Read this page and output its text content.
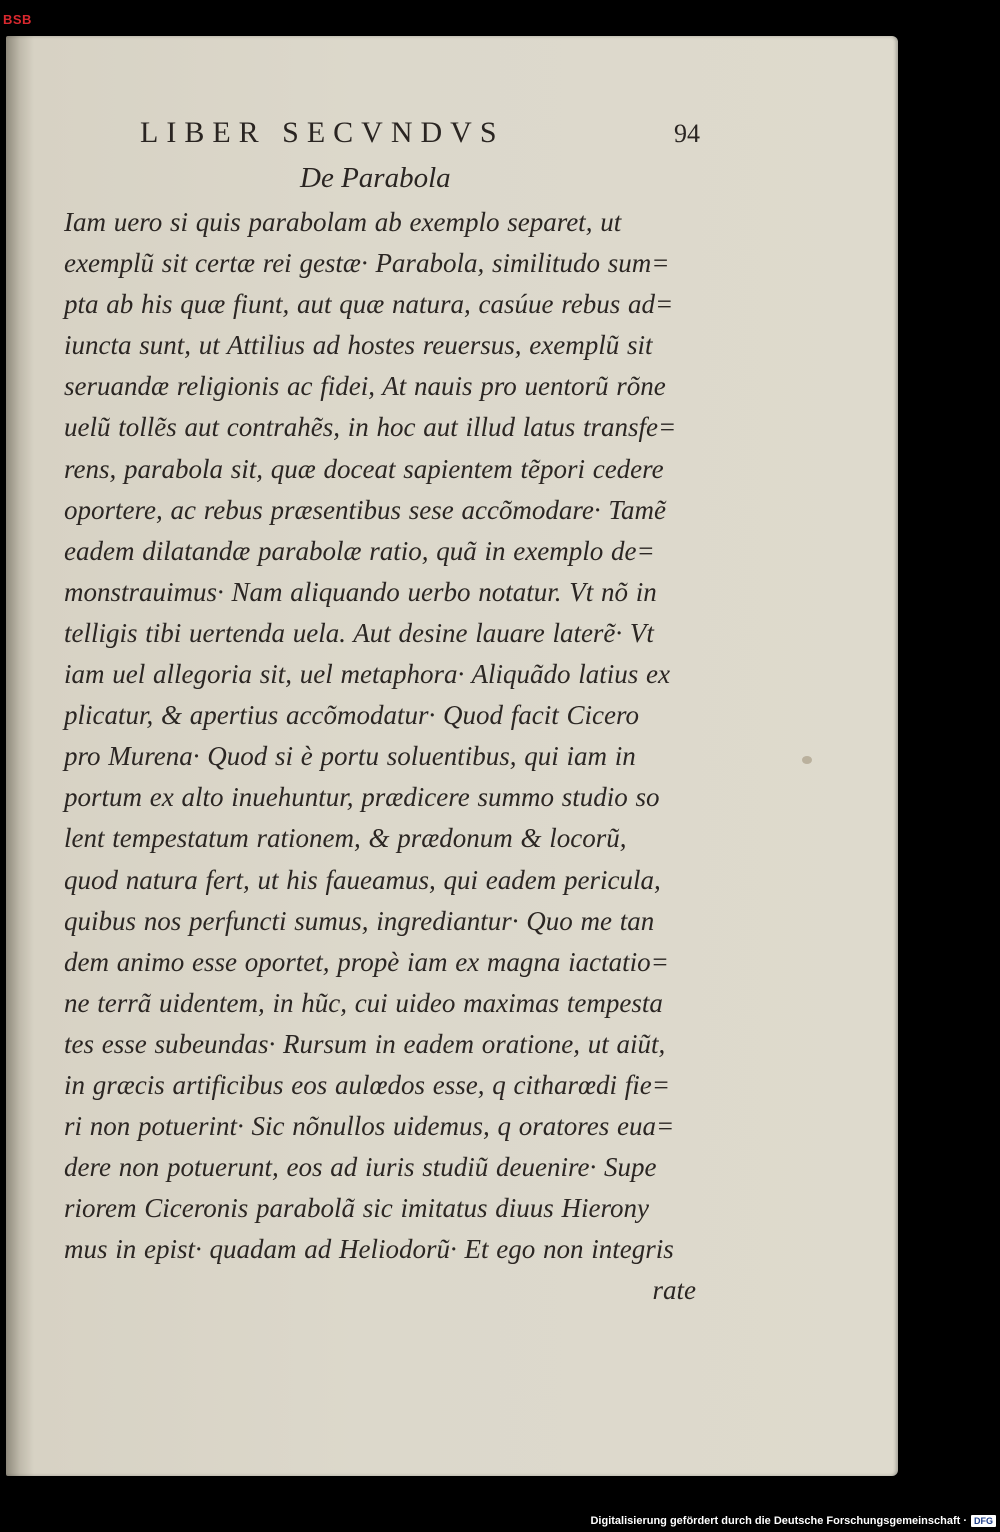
BSB
LIBER SECVNDVS	94
De Parabola
Iam uero si quis parabolam ab exemplo separet, ut
exemplũ sit certæ rei gestæ· Parabola, similitudo sum=
pta ab his quæ fiunt, aut quæ natura, casúue rebus ad=
iuncta sunt, ut Attilius ad hostes reuersus, exemplũ sit
seruandæ religionis ac fidei, At nauis pro uentorũ rõne
uelũ tollẽs aut contrahẽs, in hoc aut illud latus transfe=
rens, parabola sit, quæ doceat sapientem tẽpori cedere
oportere, ac rebus præsentibus sese accõmodare· Tamẽ
eadem dilatandæ parabolæ ratio, quã in exemplo de=
monstrauimus· Nam aliquando uerbo notatur. Vt nõ in
telligis tibi uertenda uela. Aut desine lauare laterẽ· Vt
iam uel allegoria sit, uel metaphora· Aliquãdo latius ex
plicatur, & apertius accõmodatur· Quod facit Cicero
pro Murena· Quod si è portu soluentibus, qui iam in
portum ex alto inuehuntur, prædicere summo studio so
lent tempestatum rationem, & prædonum & locorũ,
quod natura fert, ut his faueamus, qui eadem pericula,
quibus nos perfuncti sumus, ingrediantur· Quo me tan
dem animo esse oportet, propè iam ex magna iactatio=
ne terrã uidentem, in hũc, cui uideo maximas tempesta
tes esse subeundas· Rursum in eadem oratione, ut aiũt,
in græcis artificibus eos aulœdos esse, q citharœdi fie=
ri non potuerint· Sic nõnullos uidemus, q oratores eua=
dere non potuerunt, eos ad iuris studiũ deuenire· Supe
riorem Ciceronis parabolã sic imitatus diuus Hierony
mus in epist· quadam ad Heliodorũ· Et ego non integris
rate
Digitalisierung gefördert durch die Deutsche Forschungsgemeinschaft · DFG
